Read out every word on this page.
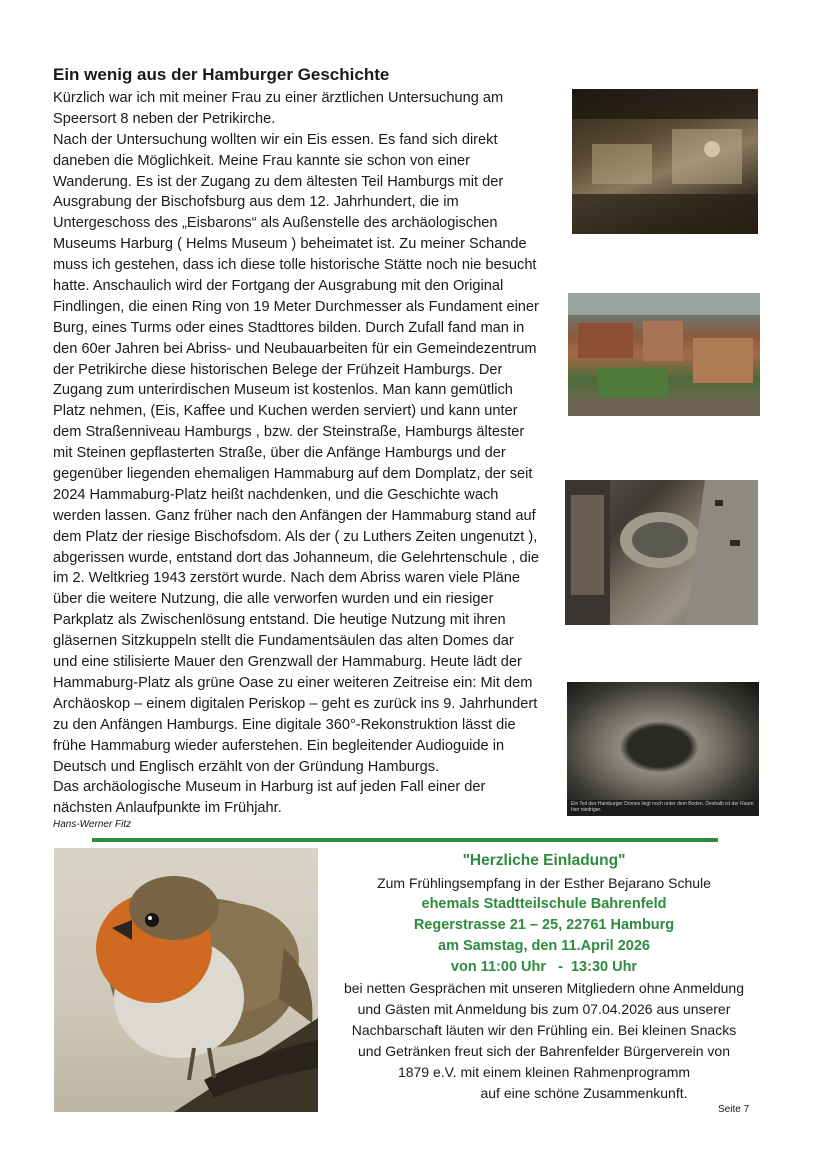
Ein wenig aus der Hamburger Geschichte

Kürzlich war ich mit meiner Frau zu einer ärztlichen Untersuchung am

Speersort 8 neben der Petrikirche.

Nach der Untersuchung wollten wir ein Eis essen. Es fand sich direkt

daneben die Möglichkeit. Meine Frau kannte sie schon von einer

Wanderung. Es ist der Zugang zu dem ältesten Teil Hamburgs mit der

Ausgrabung der Bischofsburg aus dem 12. Jahrhundert, die im

Untergeschoss des „Eisbarons“ als Außenstelle des archäologischen

Museums Harburg ( Helms Museum ) beheimatet ist. Zu meiner Schande

muss ich gestehen, dass ich diese tolle historische Stätte noch nie besucht

hatte. Anschaulich wird der Fortgang der Ausgrabung mit den Original

Findlingen, die einen Ring von 19 Meter Durchmesser als Fundament einer

Burg, eines Turms oder eines Stadttores bilden. Durch Zufall fand man in

den 60er Jahren bei Abriss- und Neubauarbeiten für ein Gemeindezentrum

der Petrikirche diese historischen Belege der Frühzeit Hamburgs. Der

Zugang zum unterirdischen Museum ist kostenlos. Man kann gemütlich

Platz nehmen, (Eis, Kaffee und Kuchen werden serviert) und kann unter

dem Straßenniveau Hamburgs , bzw. der Steinstraße, Hamburgs ältester

mit Steinen gepflasterten Straße, über die Anfänge Hamburgs und der

gegenüber liegenden ehemaligen Hammaburg auf dem Domplatz, der seit

2024 Hammaburg-Platz heißt nachdenken, und die Geschichte wach

werden lassen. Ganz früher nach den Anfängen der Hammaburg stand auf

dem Platz der riesige Bischofsdom. Als der ( zu Luthers Zeiten ungenutzt ),

abgerissen wurde, entstand dort das Johanneum, die Gelehrtenschule , die

im 2. Weltkrieg 1943 zerstört wurde. Nach dem Abriss waren viele Pläne

über die weitere Nutzung, die alle verworfen wurden und ein riesiger

Parkplatz als Zwischenlösung entstand. Die heutige Nutzung mit ihren

gläsernen Sitzkuppeln stellt die Fundamentsäulen das alten Domes dar

und eine stilisierte Mauer den Grenzwall der Hammaburg. Heute lädt der

Hammaburg-Platz als grüne Oase zu einer weiteren Zeitreise ein: Mit dem

Archäoskop – einem digitalen Periskop – geht es zurück ins 9. Jahrhundert

zu den Anfängen Hamburgs. Eine digitale 360°-Rekonstruktion lässt die

frühe Hammaburg wieder auferstehen. Ein begleitender Audioguide in

Deutsch und Englisch erzählt von der Gründung Hamburgs.

Das archäologische Museum in Harburg ist auf jeden Fall einer der

nächsten Anlaufpunkte im Frühjahr.

Hans-Werner Fitz
Ein Teil des Hamburger Domes liegt noch unter dem Boden. Deshalb ist der Raum hier niedriger.
"Herzliche Einladung"
Zum Frühlingsempfang in der Esther Bejarano Schule
ehemals Stadtteilschule Bahrenfeld
Regerstrasse 21 – 25, 22761 Hamburg
am Samstag, den 11.April 2026
von 11:00 Uhr   -  13:30 Uhr
bei netten Gesprächen mit unseren Mitgliedern ohne Anmeldung
und Gästen mit Anmeldung bis zum 07.04.2026 aus unserer
Nachbarschaft läuten wir den Frühling ein. Bei kleinen Snacks
und Getränken freut sich der Bahrenfelder Bürgerverein von
1879 e.V. mit einem kleinen Rahmenprogramm
auf eine schöne Zusammenkunft.
Seite 7
